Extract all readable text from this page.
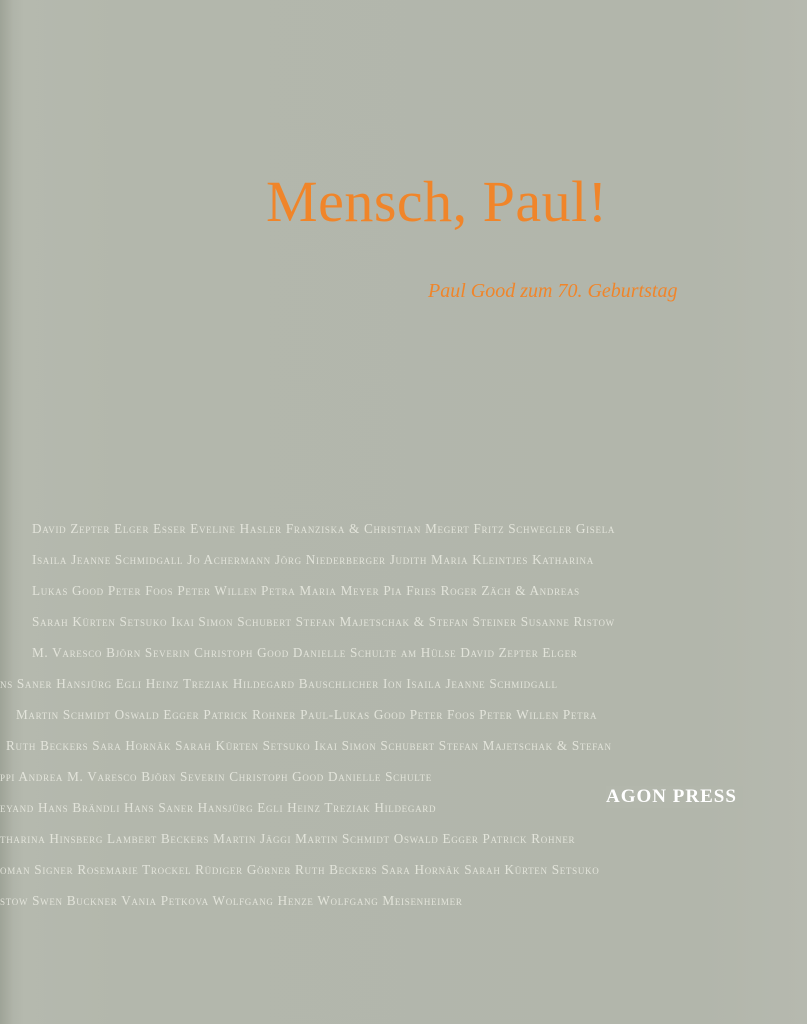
Mensch, Paul!

Paul Good zum 70. Geburtstag

David Zepter Elger Esser Eveline Hasler Franziska & Christian Megert Fritz Schwegler Gisela
Isaila Jeanne Schmidgall Jo Achermann Jörg Niederberger Judith Maria Kleintjes Katharina
Lukas Good Peter Foos Peter Willen Petra Maria Meyer Pia Fries Roger Zäch & Andreas
Sarah Kürten Setsuko Ikai Simon Schubert Stefan Majetschak & Stefan Steiner Susanne Ristow
M. Varesco Björn Severin Christoph Good Danielle Schulte am Hülse David Zepter Elger
ns Saner Hansjürg Egli Heinz Treziak Hildegard Bauschlicher Ion Isaila Jeanne Schmidgall
Martin Schmidt Oswald Egger Patrick Rohner Paul-Lukas Good Peter Foos Peter Willen Petra
Ruth Beckers Sara Hornäk Sarah Kürten Setsuko Ikai Simon Schubert Stefan Majetschak & Stefan
ppi Andrea M. Varesco Björn Severin Christoph Good Danielle Schulte
eyand Hans Brändli Hans Saner Hansjürg Egli Heinz Treziak Hildegard
tharina Hinsberg Lambert Beckers Martin Jäggi Martin Schmidt Oswald Egger Patrick Rohner
oman Signer Rosemarie Trockel Rüdiger Görner Ruth Beckers Sara Hornäk Sarah Kürten Setsuko
stow Swen Buckner Vania Petkova Wolfgang Henze Wolfgang Meisenheimer

AGON PRESS
